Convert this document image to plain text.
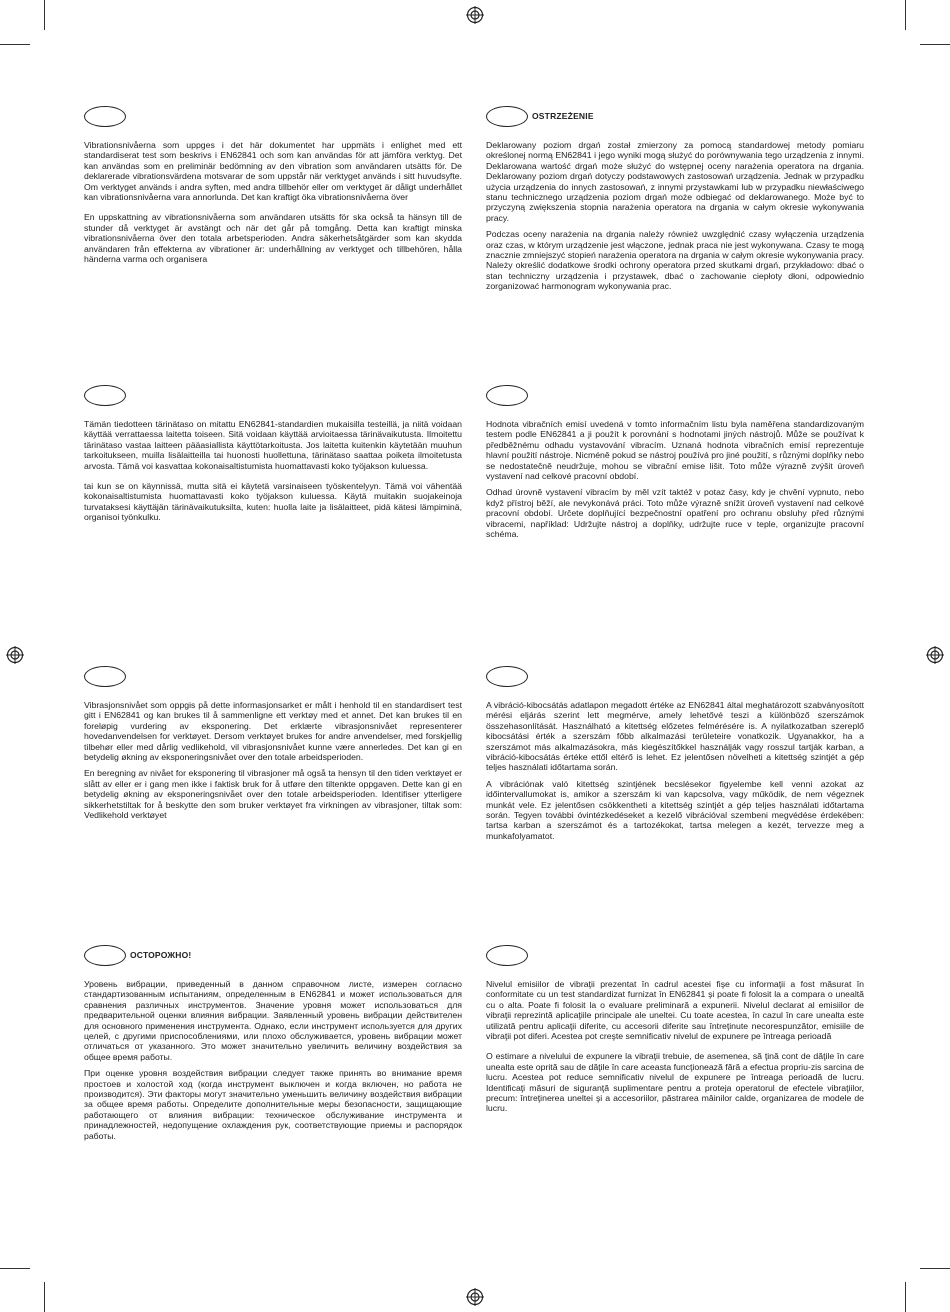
Vibrationsnivåerna som uppges i det här dokumentet har uppmäts i enlighet med ett standardiserat test som beskrivs i EN62841 och som kan användas för att jämföra verktyg. Det kan användas som en preliminär bedömning av den vibration som användaren utsätts för. De deklarerade vibrationsvärdena motsvarar de som uppstår när verktyget används i sitt huvudsyfte. Om verktyget används i andra syften, med andra tillbehör eller om verktyget är dåligt underhållet kan vibrationsnivåerna vara annorlunda. Det kan kraftigt öka vibrationsnivåerna över

En uppskattning av vibrationsnivåerna som användaren utsätts för ska också ta hänsyn till de stunder då verktyget är avstängt och när det går på tomgång. Detta kan kraftigt minska vibrationsnivåerna över den totala arbetsperioden. Andra säkerhetsåtgärder som kan skydda användaren från effekterna av vibrationer är: underhållning av verktyget och tillbehören, hålla händerna varma och organisera

OSTRZEŻENIE

Deklarowany poziom drgań został zmierzony za pomocą standardowej metody pomiaru określonej normą EN62841 i jego wyniki mogą służyć do porównywania tego urządzenia z innymi. Deklarowana wartość drgań może służyć do wstępnej oceny narażenia operatora na drgania. Deklarowany poziom drgań dotyczy podstawowych zastosowań urządzenia. Jednak w przypadku użycia urządzenia do innych zastosowań, z innymi przystawkami lub w przypadku niewłaściwego stanu technicznego urządzenia poziom drgań może odbiegać od deklarowanego. Może być to przyczyną zwiększenia stopnia narażenia operatora na drgania w całym okresie wykonywania pracy.

Podczas oceny narażenia na drgania należy również uwzględnić czasy wyłączenia urządzenia oraz czas, w którym urządzenie jest włączone, jednak praca nie jest wykonywana. Czasy te mogą znacznie zmniejszyć stopień narażenia operatora na drgania w całym okresie wykonywania pracy. Należy określić dodatkowe środki ochrony operatora przed skutkami drgań, przykładowo: dbać o stan techniczny urządzenia i przystawek, dbać o zachowanie ciepłoty dłoni, odpowiednio zorganizować harmonogram wykonywania prac.

Tämän tiedotteen tärinätaso on mitattu EN62841-standardien mukaisilla testeillä, ja niitä voidaan käyttää verrattaessa laitetta toiseen. Sitä voidaan käyttää arvioitaessa tärinävaikutusta. Ilmoitettu tärinätaso vastaa laitteen pääasiallista käyttötarkoitusta. Jos laitetta kuitenkin käytetään muuhun tarkoitukseen, muilla lisälaitteilla tai huonosti huollettuna, tärinätaso saattaa poiketa ilmoitetusta arvosta. Tämä voi kasvattaa kokonaisaltistumista huomattavasti koko työjakson kuluessa.

tai kun se on käynnissä, mutta sitä ei käytetä varsinaiseen työskentelyyn. Tämä voi vähentää kokonaisaltistumista huomattavasti koko työjakson kuluessa. Käytä muitakin suojakeinoja turvataksesi käyttäjän tärinävaikutuksilta, kuten: huolla laite ja lisälaitteet, pidä kätesi lämpiminä, organisoi työnkulku.

Hodnota vibračních emisí uvedená v tomto informačním listu byla naměřena standardizovaným testem podle EN62841 a ji použít k porovnání s hodnotami jiných nástrojů. Může se používat k předběžnému odhadu vystavování vibracím. Uznaná hodnota vibračních emisí reprezentuje hlavní použití nástroje. Nicméně pokud se nástroj používá pro jiné použití, s různými doplňky nebo se nedostatečně neudržuje, mohou se vibrační emise lišit. Toto může výrazně zvýšit úroveň vystavení nad celkové pracovní období.

Odhad úrovně vystavení vibracím by měl vzít taktéž v potaz časy, kdy je chvění vypnuto, nebo když přístroj běží, ale nevykonává práci. Toto může výrazně snížit úroveň vystavení nad celkové pracovní období. Určete doplňující bezpečnostní opatření pro ochranu obsluhy před různými vibracemi, například: Udržujte nástroj a doplňky, udržujte ruce v teple, organizujte pracovní schéma.

Vibrasjonsnivået som oppgis på dette informasjonsarket er målt i henhold til en standardisert test gitt i EN62841 og kan brukes til å sammenligne ett verktøy med et annet. Det kan brukes til en foreløpig vurdering av eksponering. Det erklærte vibrasjonsnivået representerer hovedanvendelsen for verktøyet. Dersom verktøyet brukes for andre anvendelser, med forskjellig tilbehør eller med dårlig vedlikehold, vil vibrasjonsnivået kunne være annerledes. Det kan gi en betydelig økning av eksponeringsnivået over den totale arbeidsperioden.

En beregning av nivået for eksponering til vibrasjoner må også ta hensyn til den tiden verktøyet er slått av eller er i gang men ikke i faktisk bruk for å utføre den tiltenkte oppgaven. Dette kan gi en betydelig økning av eksponeringsnivået over den totale arbeidsperioden. Identifiser ytterligere sikkerhetstiltak for å beskytte den som bruker verktøyet fra virkningen av vibrasjoner, tiltak som: Vedlikehold verktøyet

A vibráció-kibocsátás adatlapon megadott értéke az EN62841 által meghatározott szabványosított mérési eljárás szerint lett megmérve, amely lehetővé teszi a különböző szerszámok összehasonlítását. Használható a kitettség előzetes felmérésére is. A nyilatkozatban szereplő kibocsátási érték a szerszám főbb alkalmazási területeire vonatkozik. Ugyanakkor, ha a szerszámot más alkalmazásokra, más kiegészítőkkel használják vagy rosszul tartják karban, a vibráció-kibocsátás értéke ettől eltérő is lehet. Ez jelentősen növelheti a kitettség szintjét a gép teljes használati időtartama során.

A vibrációnak való kitettség szintjének becslésekor figyelembe kell venni azokat az időintervallumokat is, amikor a szerszám ki van kapcsolva, vagy működik, de nem végeznek munkát vele. Ez jelentősen csökkentheti a kitettség szintjét a gép teljes használati időtartama során. Tegyen további óvintézkedéseket a kezelő vibrációval szembeni megvédése érdekében: tartsa karban a szerszámot és a tartozékokat, tartsa melegen a kezét, tervezze meg a munkafolyamatot.

ОСТОРОЖНО!

Уровень вибрации, приведенный в данном справочном листе, измерен согласно стандартизованным испытаниям, определенным в EN62841 и может использоваться для сравнения различных инструментов. Значение уровня может использоваться для предварительной оценки влияния вибрации. Заявленный уровень вибрации действителен для основного применения инструмента. Однако, если инструмент используется для других целей, с другими приспособлениями, или плохо обслуживается, уровень вибрации может отличаться от указанного. Это может значительно увеличить величину воздействия за общее время работы.

При оценке уровня воздействия вибрации следует также принять во внимание время простоев и холостой ход (когда инструмент выключен и когда включен, но работа не производится). Эти факторы могут значительно уменьшить величину воздействия вибрации за общее время работы. Определите дополнительные меры безопасности, защищающие работающего от влияния вибрации: техническое обслуживание инструмента и принадлежностей, недопущение охлаждения рук, соответствующие приемы и распорядок работы.

Nivelul emisiilor de vibraţii prezentat în cadrul acestei fişe cu informaţii a fost măsurat în conformitate cu un test standardizat furnizat în EN62841 şi poate fi folosit la a compara o unealtă cu o alta. Poate fi folosit la o evaluare preliminară a expunerii. Nivelul declarat al emisiilor de vibraţii reprezintă aplicaţiile principale ale uneltei. Cu toate acestea, în cazul în care unealta este utilizată pentru aplicaţii diferite, cu accesorii diferite sau întreţinute necorespunzător, emisiile de vibraţii pot diferi. Acestea pot creşte semnificativ nivelul de expunere pe întreaga perioadă

O estimare a nivelului de expunere la vibraţii trebuie, de asemenea, să ţină cont de dăţile în care unealta este oprită sau de dăţile în care aceasta funcţionează fără a efectua propriu-zis sarcina de lucru. Acestea pot reduce semnificativ nivelul de expunere pe întreaga perioadă de lucru. Identificaţi măsuri de siguranţă suplimentare pentru a proteja operatorul de efectele vibraţiilor, precum: întreţinerea uneltei şi a accesoriilor, păstrarea mâinilor calde, organizarea de modele de lucru.
